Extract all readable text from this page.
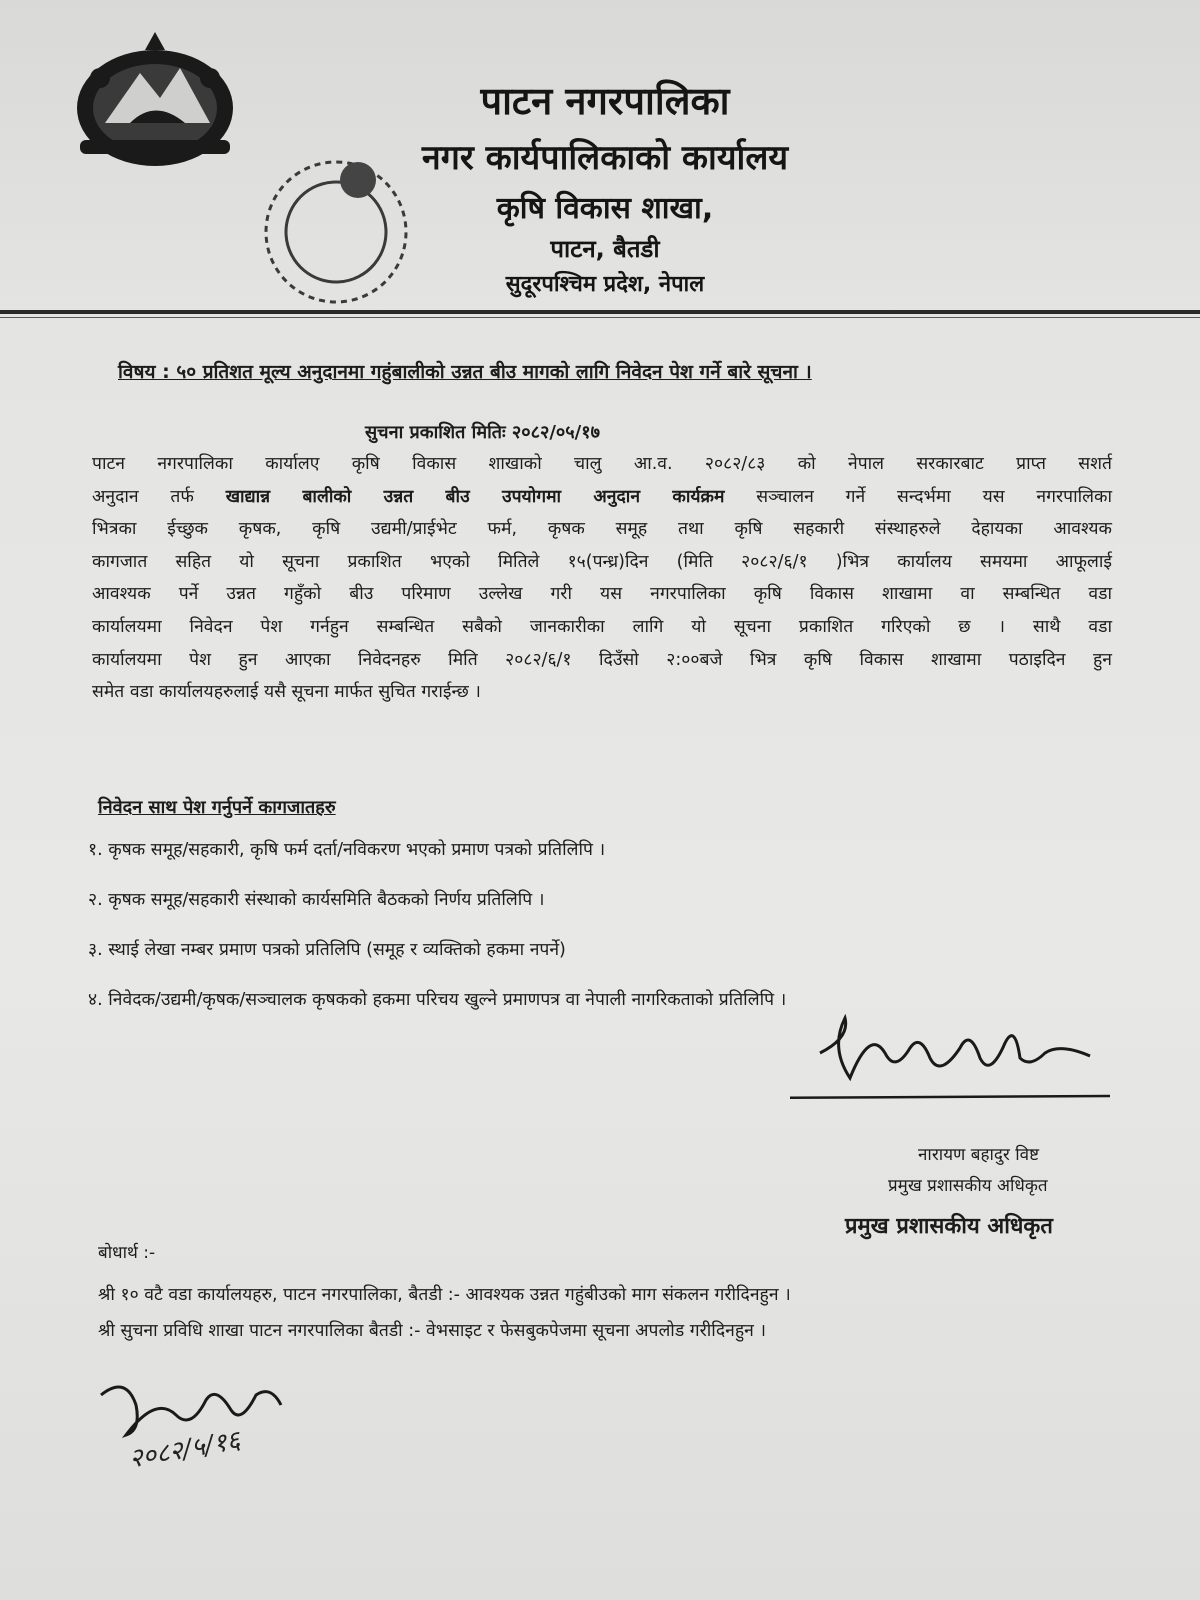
पाटन नगरपालिका
नगर कार्यपालिकाको कार्यालय
कृषि विकास शाखा,
पाटन, बैतडी
सुदूरपश्चिम प्रदेश, नेपाल
विषय : ५० प्रतिशत मूल्य अनुदानमा गहुंबालीको उन्नत बीउ मागको लागि निवेदन पेश गर्ने बारे सूचना ।
सुचना प्रकाशित मितिः २०८२/०५/१७
पाटन नगरपालिका कार्यालए कृषि विकास शाखाको चालु आ.व. २०८२/८३ को नेपाल सरकारबाट प्राप्त सशर्त
अनुदान तर्फ खाद्यान्न बालीको उन्नत बीउ उपयोगमा अनुदान कार्यक्रम सञ्चालन गर्ने सन्दर्भमा यस नगरपालिका
भित्रका ईच्छुक कृषक, कृषि उद्यमी/प्राईभेट फर्म, कृषक समूह तथा कृषि सहकारी संस्थाहरुले देहायका आवश्यक
कागजात सहित यो सूचना प्रकाशित भएको मितिले १५(पन्ध्र)दिन (मिति २०८२/६/१ )भित्र कार्यालय समयमा आफूलाई
आवश्यक पर्ने उन्नत गहुँको बीउ परिमाण उल्लेख गरी यस नगरपालिका कृषि विकास शाखामा वा सम्बन्धित वडा
कार्यालयमा निवेदन पेश गर्नहुन सम्बन्धित सबैको जानकारीका लागि यो सूचना प्रकाशित गरिएको छ । साथै वडा
कार्यालयमा पेश हुन आएका निवेदनहरु मिति २०८२/६/१ दिउँसो २:००बजे भित्र कृषि विकास शाखामा पठाइदिन हुन
समेत वडा कार्यालयहरुलाई यसै सूचना मार्फत सुचित गराईन्छ ।
निवेदन साथ पेश गर्नुपर्ने कागजातहरु
१. कृषक समूह/सहकारी, कृषि फर्म दर्ता/नविकरण भएको प्रमाण पत्रको प्रतिलिपि ।
२. कृषक समूह/सहकारी संस्थाको कार्यसमिति बैठकको निर्णय प्रतिलिपि ।
३. स्थाई लेखा नम्बर प्रमाण पत्रको प्रतिलिपि (समूह र व्यक्तिको हकमा नपर्ने)
४. निवेदक/उद्यमी/कृषक/सञ्चालक कृषकको हकमा परिचय खुल्ने प्रमाणपत्र वा नेपाली नागरिकताको प्रतिलिपि ।
नारायण बहादुर विष्ट
प्रमुख प्रशासकीय अधिकृत
प्रमुख प्रशासकीय अधिकृत
बोधार्थ :-
श्री १० वटै वडा कार्यालयहरु, पाटन नगरपालिका, बैतडी :- आवश्यक उन्नत गहुंबीउको माग संकलन गरीदिनहुन ।
श्री सुचना प्रविधि शाखा पाटन नगरपालिका बैतडी :- वेभसाइट र फेसबुकपेजमा सूचना अपलोड गरीदिनहुन ।
२०८२/५/१६
